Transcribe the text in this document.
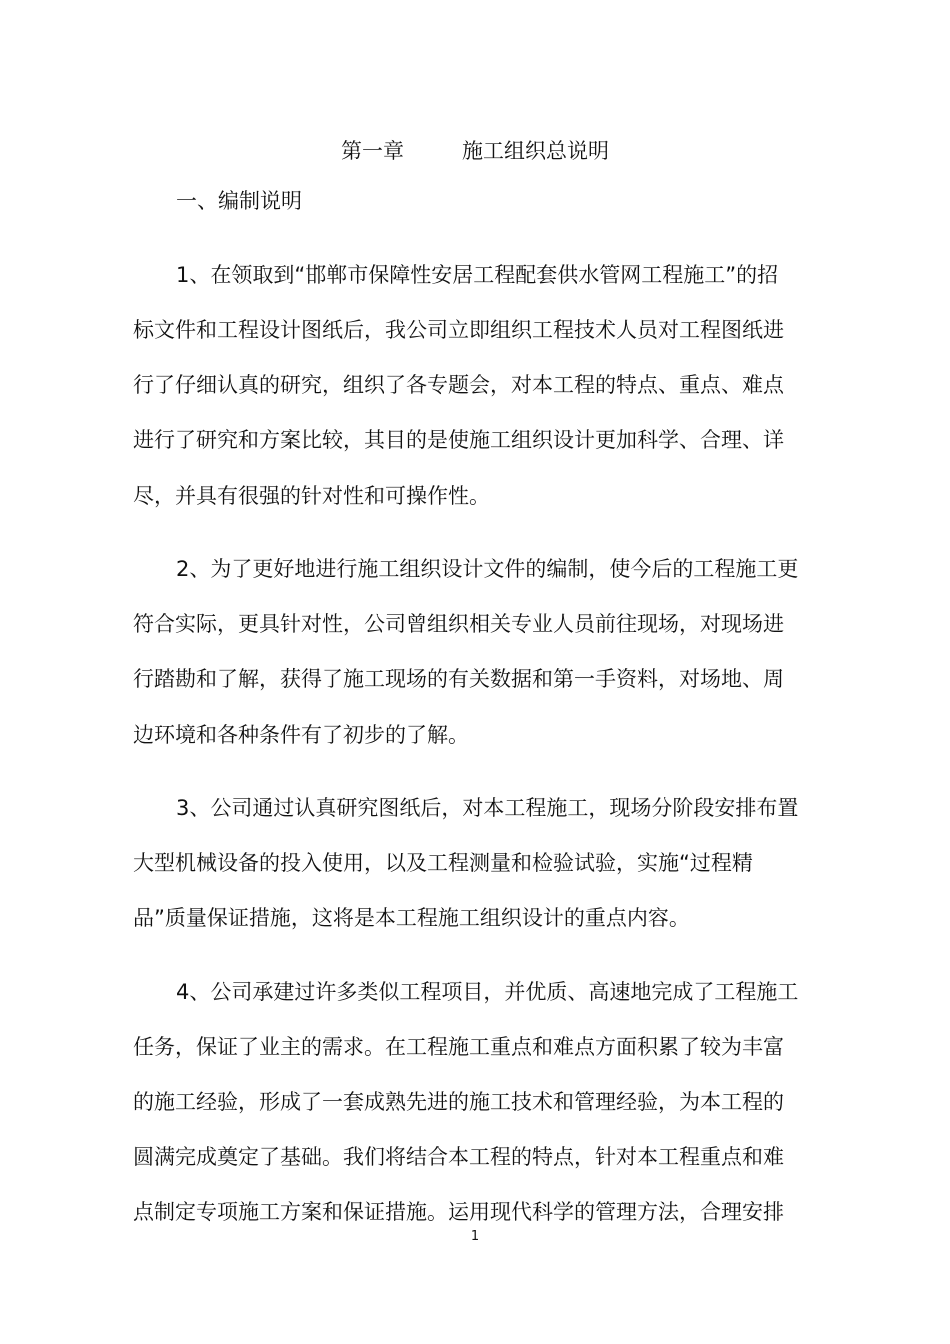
第一章	施工组织总说明
一、编制说明
1、在领取到“邯郸市保障性安居工程配套供水管网工程施工”的招
标文件和工程设计图纸后，我公司立即组织工程技术人员对工程图纸进
行了仔细认真的研究，组织了各专题会，对本工程的特点、重点、难点
进行了研究和方案比较，其目的是使施工组织设计更加科学、合理、详
尽，并具有很强的针对性和可操作性。
2、为了更好地进行施工组织设计文件的编制，使今后的工程施工更
符合实际，更具针对性，公司曾组织相关专业人员前往现场，对现场进
行踏勘和了解，获得了施工现场的有关数据和第一手资料，对场地、周
边环境和各种条件有了初步的了解。
3、公司通过认真研究图纸后，对本工程施工，现场分阶段安排布置
大型机械设备的投入使用，以及工程测量和检验试验，实施“过程精
品”质量保证措施，这将是本工程施工组织设计的重点内容。
4、公司承建过许多类似工程项目，并优质、高速地完成了工程施工
任务，保证了业主的需求。在工程施工重点和难点方面积累了较为丰富
的施工经验，形成了一套成熟先进的施工技术和管理经验，为本工程的
圆满完成奠定了基础。我们将结合本工程的特点，针对本工程重点和难
点制定专项施工方案和保证措施。运用现代科学的管理方法，合理安排
1
